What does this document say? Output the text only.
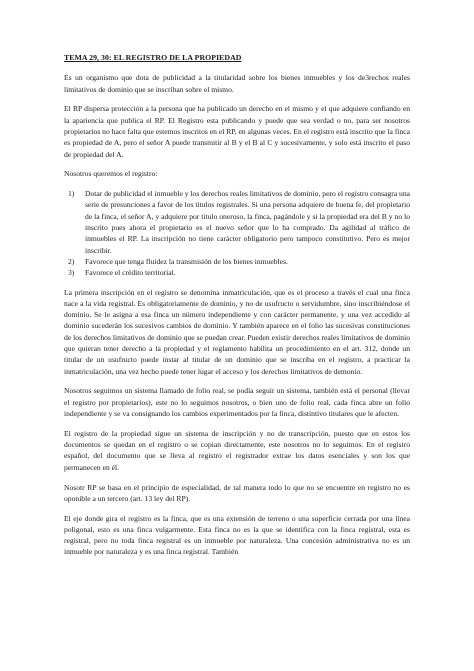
TEMA 29, 30: EL REGISTRO DE LA PROPIEDAD

Es un organismo que dota de publicidad a la titularidad sobre los bienes inmuebles y los de3rechos reales limitativos de dominio que se inscriban sobre el mismo.

El RP dispersa protección a la persona que ha publicado un derecho en el mismo y el que adquiere confiando en la apariencia que publica el RP. El Registro esta publicando y puede que sea verdad o no, para ser nosotros propietarios no hace falta que estemos inscritos en el RP, en algunas veces. En el registro está inscrito que la finca es propiedad de A, pero el señor A puede transmitir al B y el B al C y sucesivamente, y solo está inscrito el paso de propiedad del A.

Nosotros queremos el registro:

1) Dotar de publicidad el inmueble y los derechos reales limitativos de dominio, pero el registro consagra una serie de presunciones a favor de los titulos registrales. Si una persona adquiere de buena fe, del propietario de la finca, el señor A, y adquiere por titulo oneroso, la finca, pagándole y si la propiedad era del B y no lo inscrito pues ahora el propietario es el nuevo señor que lo ha comprado. Da agilidad al tráfico de inmuebles el RP. La inscripción no tiene carácter obligatorio pero tampoco constitutivo. Pero es mejor inscribir.
2) Favorece que tenga fluidez la transmisión de los bienes inmuebles.
3) Favorece el crédito territorial.

La primera inscripción en el registro se denomina inmatriculación, que es el proceso a través el cual una finca nace a la vida registral. Es obligatoriamente de dominio, y no de usufructo o servidumbre, sino inscribiéndose el dominio. Se le asigna a esa finca un número independiente y con carácter permanente, y una vez accedido al dominio sucederán los sucesivos cambios de dominio. Y también aparece en el folio las sucesivas constituciones de los derechos limitativos de dominio que se puedan crear. Pueden existir derechos reales limitativos de dominio que quieran tener derecho a la propiedad y el reglamento habilita un procedimiento en el art. 312, donde un titular de un usufructo puede instar al titular de un dominio que se inscriba en el registro, a practicar la inmatriculación, una vez hecho puede tener lugar el acceso y los derechos limitativos de demonio.

Nosotros seguimos un sistema llamado de folio real, se podía seguir un sistema, también está el personal (llevar el registro por propietarios), este no lo seguimos nosotros, o bien uno de folio real, cada finca abre un folio independiente y se va consignando los cambios experimentados por la finca, distintivo titulares que le afecten.

El registro de la propiedad sigue un sistema de inscripción y no de transcripción, puesto que en estos los documentos se quedan en el registro o se copian directamente, este nosotros no lo seguimos. En el registro español, del documento que se lleva al registro el registrador extrae los datos esenciales y son los que permanecen en él.

Nosotr RP se basa en el principio de especialidad, de tal manera todo lo que no se encuentre en registro no es oponible a un tercero (art. 13 ley del RP).

El eje donde gira el registro es la finca, que es una extensión de terreno o una superficie cerrada por una línea poligonal, esto es una finca vulgarmente. Esta finca no es la que se identifica con la finca registral, esta es registral, pero no toda finca registral es un inmueble por naturaleza. Una concesión administrativa no es un inmueble por naturaleza y es una finca registral. También
